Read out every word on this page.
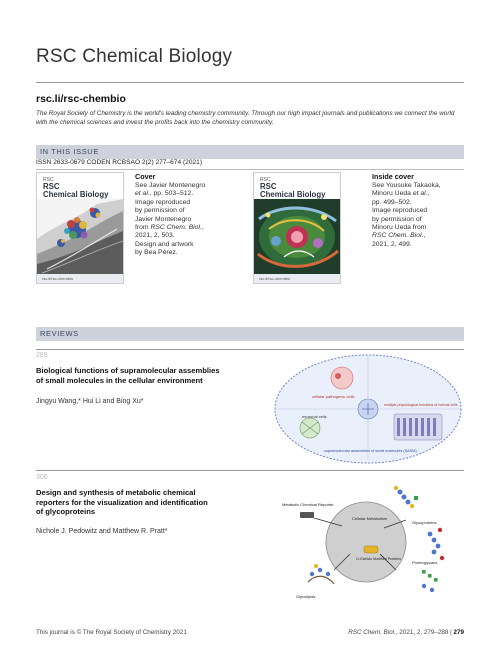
RSC Chemical Biology
rsc.li/rsc-chembio
The Royal Society of Chemistry is the world's leading chemistry community. Through our high impact journals and publications we connect the world with the chemical sciences and invest the profits back into the chemistry community.
IN THIS ISSUE
ISSN 2633-0679 CODEN RCBSAO 2(2) 277–674 (2021)
RSC
RSC
Chemical Biology
rsc.li/rsc-chembio
Cover
See Javier Montenegro
et al., pp. 503–512.
Image reproduced
by permission of
Javier Montenegro
from RSC Chem. Biol.,
2021, 2, 503.
Design and artwork
by Bea Pérez.
RSC
RSC
Chemical Biology
rsc.li/rsc-chembio
Inside cover
See Yousuke Takaoka,
Minoru Ueda et al.,
pp. 499–502.
Image reproduced
by permission of
Minoru Ueda from
RSC Chem. Biol.,
2021, 2, 499.
REVIEWS
289
Biological functions of supramolecular assemblies
of small molecules in the cellular environment
Jingyu Wang,* Hui Li and Bing Xu*
cellular pathogenic cells
neuronal cells
multiple physiological functions of normal cells
supramolecular assemblies of small molecules (SASM)
306
Design and synthesis of metabolic chemical
reporters for the visualization and identification
of glycoproteins
Nichole J. Pedowitz and Matthew R. Pratt*
Metabolic Chemical Reporter
Cellular Metabolism
Glycoproteins
O-GlcNAc Modified Proteins
Glycolipids
Proteoglycans
This journal is © The Royal Society of Chemistry 2021	RSC Chem. Biol., 2021, 2, 279–288 | 279
